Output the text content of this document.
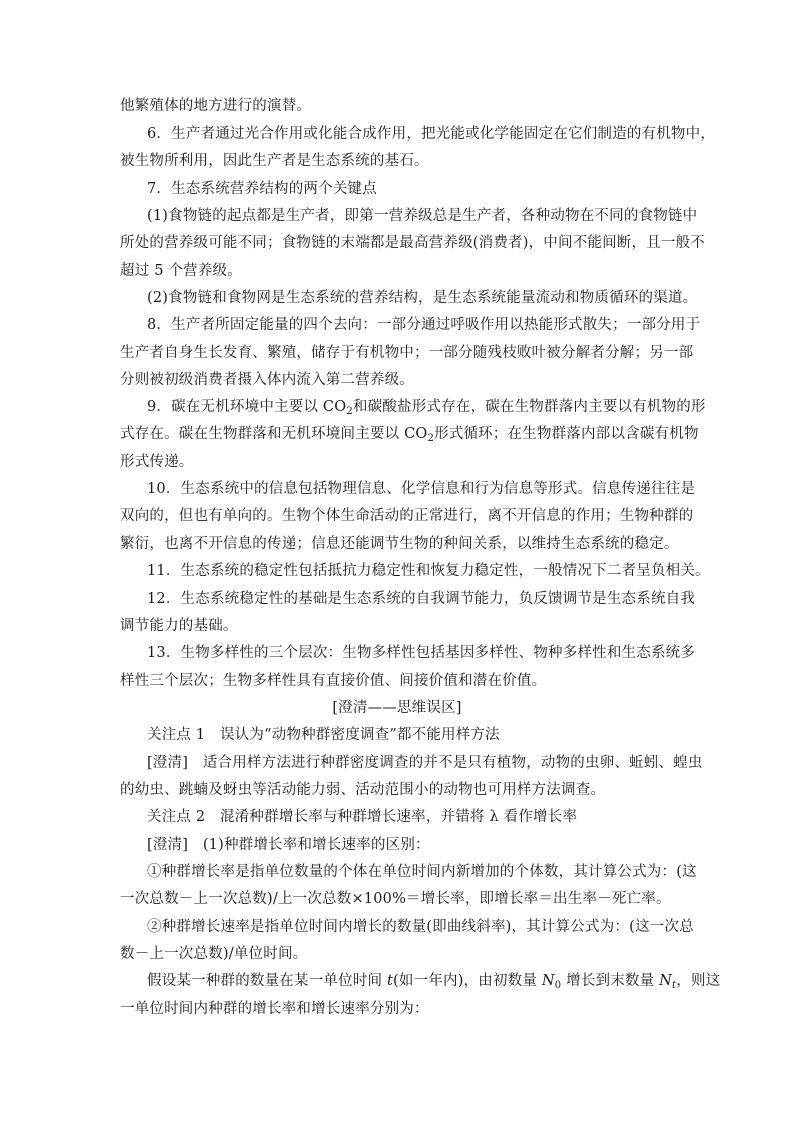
他繁殖体的地方进行的演替。
6．生产者通过光合作用或化能合成作用，把光能或化学能固定在它们制造的有机物中，
被生物所利用，因此生产者是生态系统的基石。
7．生态系统营养结构的两个关键点
(1)食物链的起点都是生产者，即第一营养级总是生产者，各种动物在不同的食物链中
所处的营养级可能不同；食物链的末端都是最高营养级(消费者)，中间不能间断，且一般不
超过 5 个营养级。
(2)食物链和食物网是生态系统的营养结构，是生态系统能量流动和物质循环的渠道。
8．生产者所固定能量的四个去向：一部分通过呼吸作用以热能形式散失；一部分用于
生产者自身生长发育、繁殖，储存于有机物中；一部分随残枝败叶被分解者分解；另一部
分则被初级消费者摄入体内流入第二营养级。
9．碳在无机环境中主要以 $CO_2$和碳酸盐形式存在，碳在生物群落内主要以有机物的形
式存在。碳在生物群落和无机环境间主要以 $CO_2$形式循环；在生物群落内部以含碳有机物
形式传递。
10．生态系统中的信息包括物理信息、化学信息和行为信息等形式。信息传递往往是
双向的，但也有单向的。生物个体生命活动的正常进行，离不开信息的作用；生物种群的
繁衍，也离不开信息的传递；信息还能调节生物的种间关系，以维持生态系统的稳定。
11．生态系统的稳定性包括抵抗力稳定性和恢复力稳定性，一般情况下二者呈负相关。
12．生态系统稳定性的基础是生态系统的自我调节能力，负反馈调节是生态系统自我
调节能力的基础。
13．生物多样性的三个层次：生物多样性包括基因多样性、物种多样性和生态系统多
样性三个层次；生物多样性具有直接价值、间接价值和潜在价值。
[澄清——思维误区]
关注点 1　误认为“动物种群密度调查”都不能用样方法
[澄清]　适合用样方法进行种群密度调查的并不是只有植物，动物的虫卵、蚯蚓、蝗虫
的幼虫、跳蝻及蚜虫等活动能力弱、活动范围小的动物也可用样方法调查。
关注点 2　混淆种群增长率与种群增长速率，并错将 λ 看作增长率
[澄清]　(1)种群增长率和增长速率的区别：
①种群增长率是指单位数量的个体在单位时间内新增加的个体数，其计算公式为：(这
一次总数－上一次总数)/上一次总数×100%＝增长率，即增长率＝出生率－死亡率。
②种群增长速率是指单位时间内增长的数量(即曲线斜率)，其计算公式为：(这一次总
数－上一次总数)/单位时间。
假设某一种群的数量在某一单位时间 t(如一年内)，由初数量 $N_0$ 增长到末数量 $N_t$，则这
一单位时间内种群的增长率和增长速率分别为：
